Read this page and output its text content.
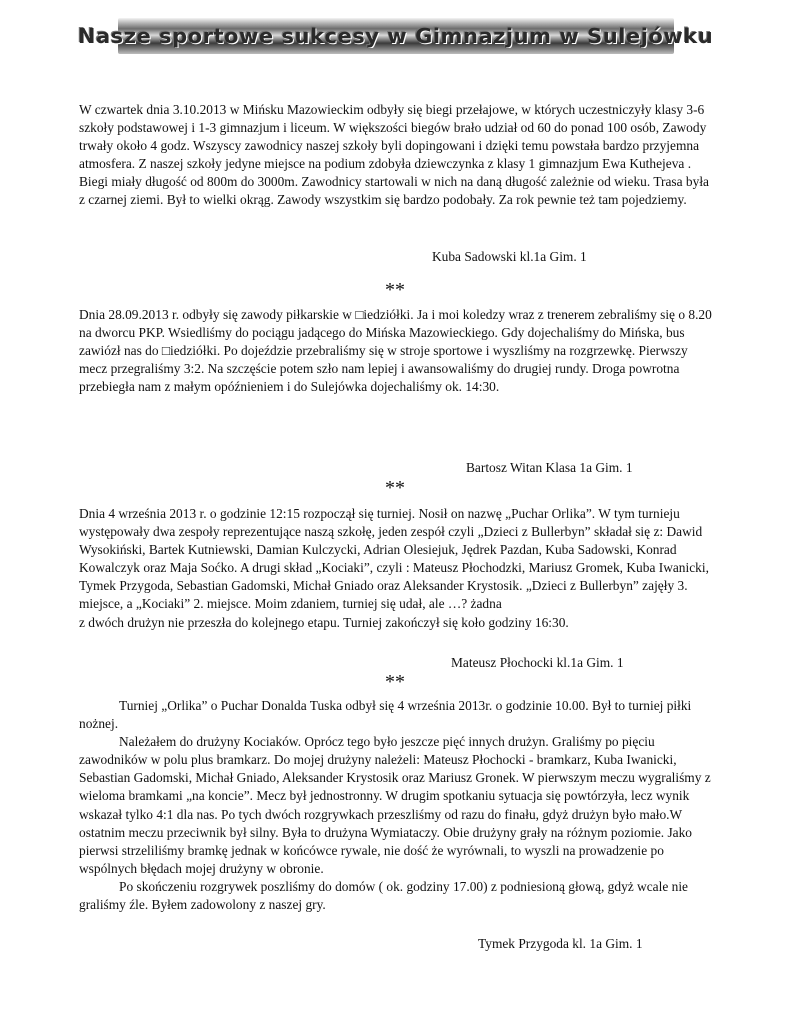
Nasze sportowe sukcesy w Gimnazjum w Sulejówku

W czwartek dnia 3.10.2013 w Mińsku Mazowieckim odbyły się biegi przełajowe, w których uczestniczyły klasy 3-6 szkoły podstawowej i 1-3 gimnazjum i liceum. W większości biegów brało udział od 60 do ponad 100 osób, Zawody trwały około 4 godz. Wszyscy zawodnicy naszej szkoły byli dopingowani i dzięki temu powstała bardzo przyjemna atmosfera. Z naszej szkoły jedyne miejsce na podium zdobyła dziewczynka z klasy 1 gimnazjum Ewa Kuthejeva . Biegi miały długość od 800m do 3000m. Zawodnicy startowali w nich na daną długość zależnie od wieku. Trasa była z czarnej ziemi. Był to wielki okrąg. Zawody wszystkim się bardzo podobały. Za rok pewnie też tam pojedziemy.

Kuba Sadowski kl.1a Gim. 1
**

Dnia 28.09.2013 r. odbyły się zawody piłkarskie w □iedziółki. Ja i moi koledzy wraz z trenerem zebraliśmy się o 8.20 na dworcu PKP. Wsiedliśmy do pociągu jadącego do Mińska Mazowieckiego. Gdy dojechaliśmy do Mińska, bus zawiózł nas do □iedziółki. Po dojeździe przebraliśmy się w stroje sportowe i wyszliśmy na rozgrzewkę. Pierwszy mecz przegraliśmy 3:2. Na szczęście potem szło nam lepiej i awansowaliśmy do drugiej rundy. Droga powrotna przebiegła nam z małym opóźnieniem i do Sulejówka dojechaliśmy ok. 14:30.

Bartosz Witan Klasa 1a Gim. 1
**

Dnia 4 września 2013 r. o godzinie 12:15 rozpoczął się turniej. Nosił on nazwę „Puchar Orlika”. W tym turnieju występowały dwa zespoły reprezentujące naszą szkołę, jeden zespół czyli „Dzieci z Bullerbyn” składał się z: Dawid Wysokiński, Bartek Kutniewski, Damian Kulczycki, Adrian Olesiejuk, Jędrek Pazdan, Kuba Sadowski, Konrad Kowalczyk oraz Maja Soćko. A drugi skład „Kociaki”, czyli : Mateusz Płochodzki, Mariusz Gromek, Kuba Iwanicki, Tymek Przygoda, Sebastian Gadomski, Michał Gniado oraz Aleksander Krystosik. „Dzieci z Bullerbyn” zajęły 3. miejsce, a „Kociaki” 2. miejsce. Moim zdaniem, turniej się udał, ale …? żadna

z dwóch drużyn nie przeszła do kolejnego etapu. Turniej zakończył się koło godziny 16:30.

Mateusz Płochocki kl.1a Gim. 1
**

Turniej „Orlika” o Puchar Donalda Tuska odbył się 4 września 2013r. o godzinie 10.00. Był to turniej piłki nożnej.

Należałem do drużyny Kociaków. Oprócz tego było jeszcze pięć innych drużyn. Graliśmy po pięciu zawodników w polu plus bramkarz. Do mojej drużyny należeli: Mateusz Płochocki - bramkarz, Kuba Iwanicki, Sebastian Gadomski, Michał Gniado, Aleksander Krystosik oraz Mariusz Gronek. W pierwszym meczu wygraliśmy z wieloma bramkami „na koncie”. Mecz był jednostronny. W drugim spotkaniu sytuacja się powtórzyła, lecz wynik wskazał tylko 4:1 dla nas. Po tych dwóch rozgrywkach przeszliśmy od razu do finału, gdyż drużyn było mało.W ostatnim meczu przeciwnik był silny. Była to drużyna Wymiataczy. Obie drużyny grały na różnym poziomie. Jako pierwsi strzeliliśmy bramkę jednak w końcówce rywale, nie dość że wyrównali, to wyszli na prowadzenie po wspólnych błędach mojej drużyny w obronie.

Po skończeniu rozgrywek poszliśmy do domów ( ok. godziny 17.00) z podniesioną głową, gdyż wcale nie graliśmy źle. Byłem zadowolony z naszej gry.

Tymek Przygoda kl. 1a Gim. 1
